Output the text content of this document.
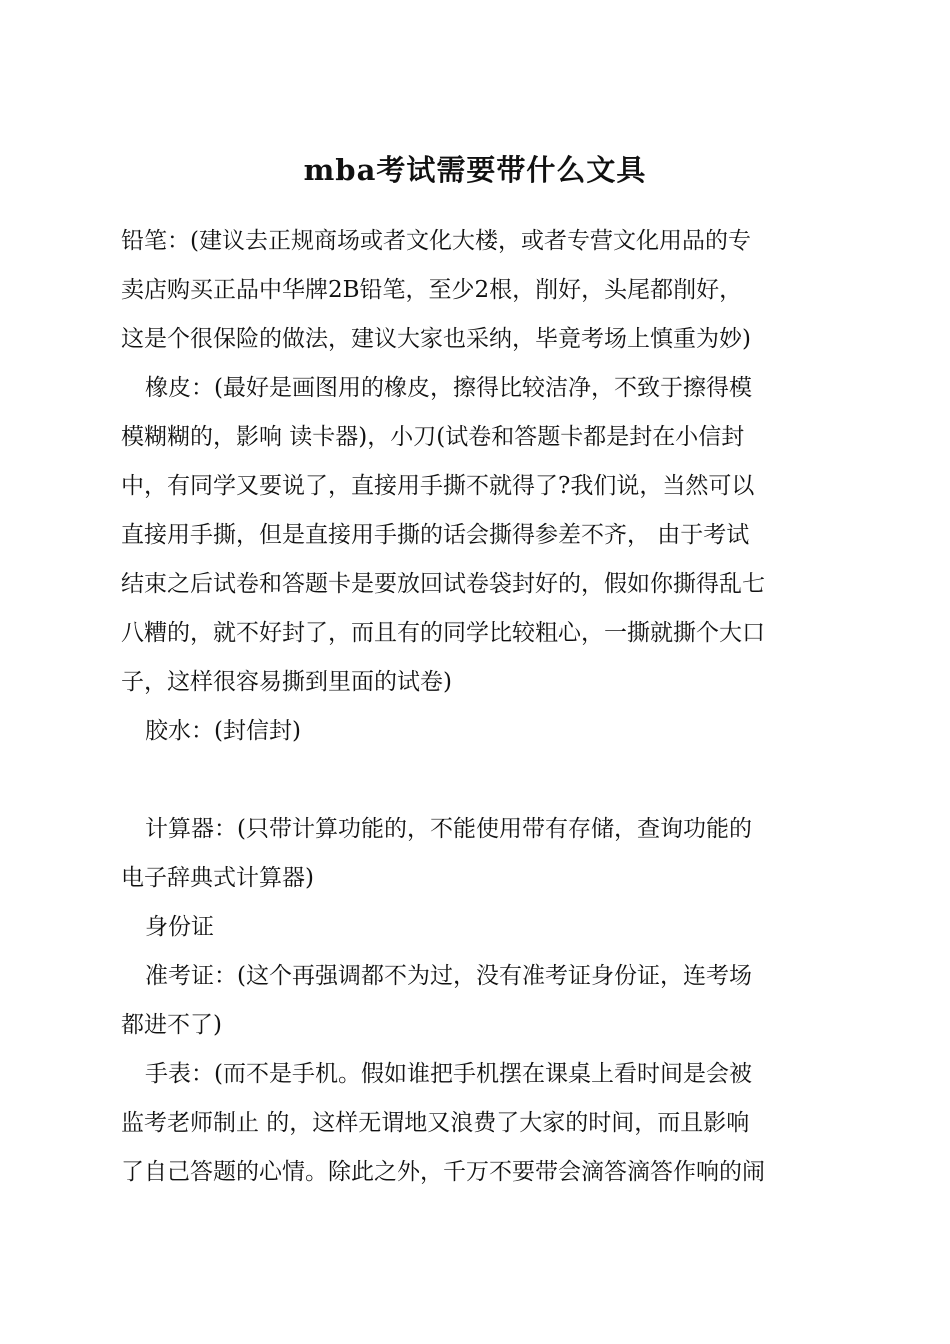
mba考试需要带什么文具
铅笔：(建议去正规商场或者文化大楼，或者专营文化用品的专
卖店购买正品中华牌2B铅笔，至少2根，削好，头尾都削好，
这是个很保险的做法，建议大家也采纳，毕竟考场上慎重为妙)
橡皮：(最好是画图用的橡皮，擦得比较洁净，不致于擦得模
模糊糊的，影响 读卡器)，小刀(试卷和答题卡都是封在小信封
中，有同学又要说了，直接用手撕不就得了?我们说，当然可以
直接用手撕，但是直接用手撕的话会撕得参差不齐， 由于考试
结束之后试卷和答题卡是要放回试卷袋封好的，假如你撕得乱七
八糟的，就不好封了，而且有的同学比较粗心，一撕就撕个大口
子，这样很容易撕到里面的试卷)
胶水：(封信封)
计算器：(只带计算功能的，不能使用带有存储，查询功能的
电子辞典式计算器)
身份证
准考证：(这个再强调都不为过，没有准考证身份证，连考场
都进不了)
手表：(而不是手机。假如谁把手机摆在课桌上看时间是会被
监考老师制止 的，这样无谓地又浪费了大家的时间，而且影响
了自己答题的心情。除此之外，千万不要带会滴答滴答作响的闹
